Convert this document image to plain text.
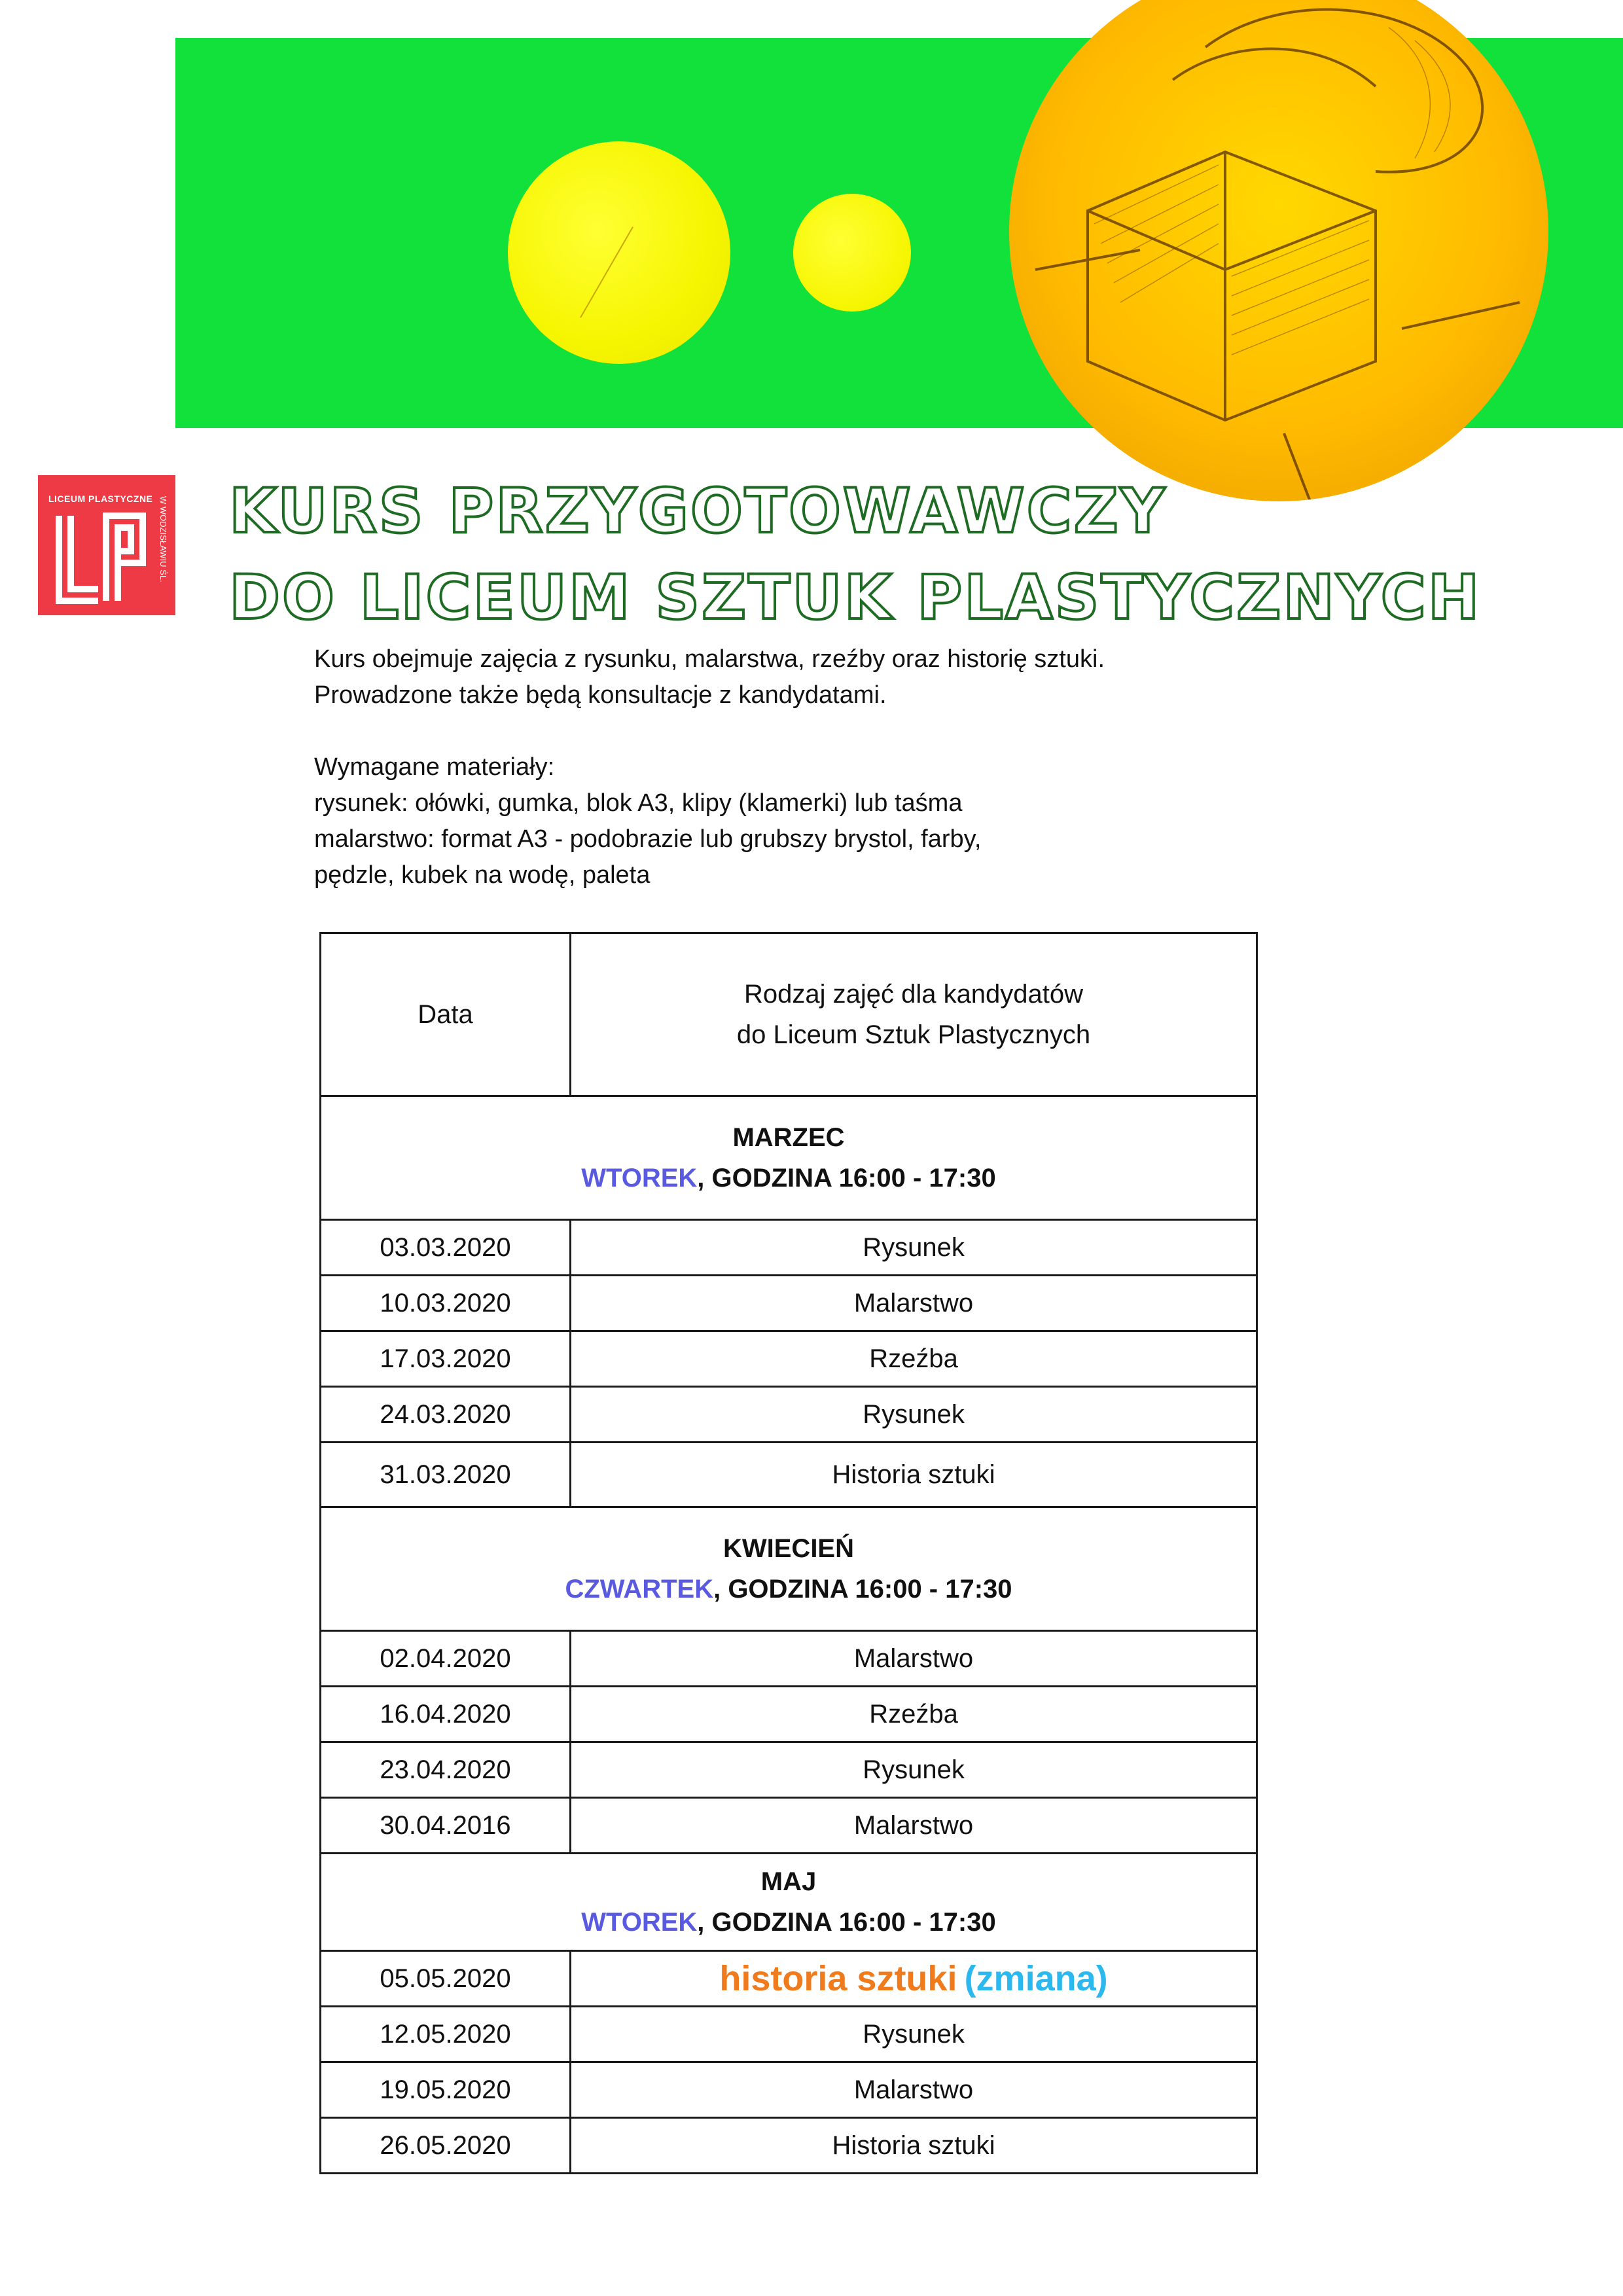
LICEUM PLASTYCZNE W WODZISŁAWIU ŚL. KURS PRZYGOTOWAWCZY
DO LICEUM SZTUK PLASTYCZNYCH

Kurs obejmuje zajęcia z rysunku, malarstwa, rzeźby oraz historię sztuki.

Prowadzone także będą konsultacje z kandydatami.

Wymagane materiały:

rysunek: ołówki, gumka, blok A3, klipy (klamerki) lub taśma

malarstwo: format A3 - podobrazie lub grubszy brystol, farby,

pędzle, kubek na wodę, paleta

Data	Rodzaj zajęć dla kandydatów
do Liceum Sztuk Plastycznych

MARZEC
WTOREK, GODZINA 16:00 - 17:30	

03.03.2020	Rysunek
10.03.2020	Malarstwo
17.03.2020	Rzeźba
24.03.2020	Rysunek
31.03.2020	Historia sztuki

KWIECIEŃ
CZWARTEK, GODZINA 16:00 - 17:30	

02.04.2020	Malarstwo
16.04.2020	Rzeźba
23.04.2020	Rysunek
30.04.2016	Malarstwo

MAJ
WTOREK, GODZINA 16:00 - 17:30	

05.05.2020	historia sztuki (zmiana)
12.05.2020	Rysunek
19.05.2020	Malarstwo
26.05.2020	Historia sztuki
